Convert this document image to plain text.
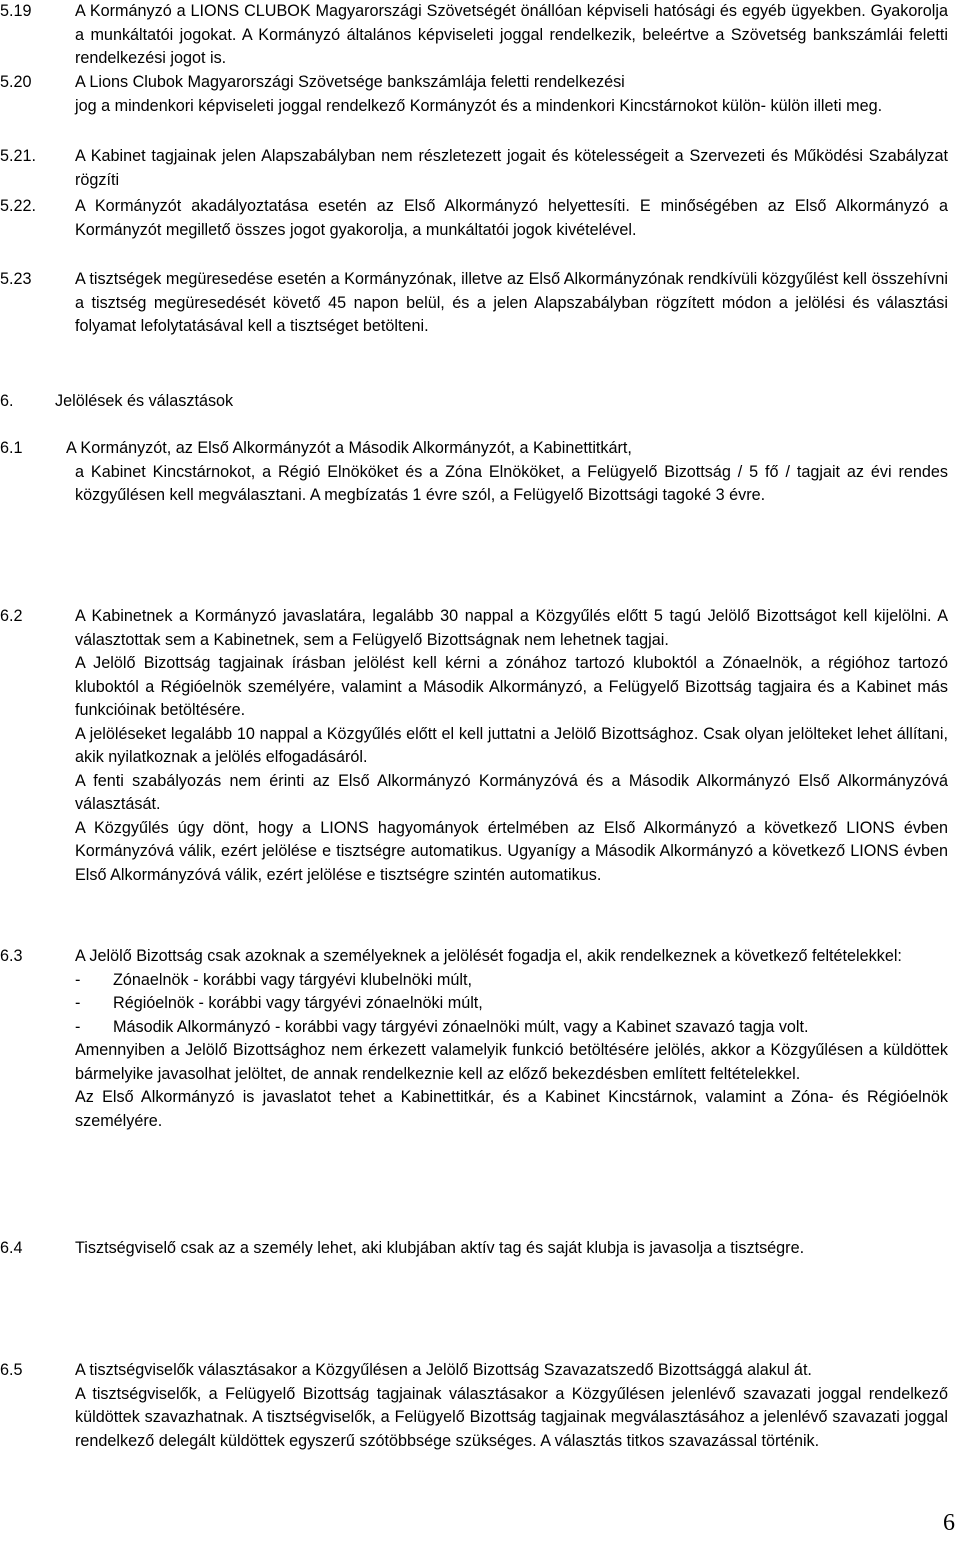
5.19	A Kormányzó a LIONS CLUBOK Magyarországi Szövetségét önállóan képviseli hatósági és egyéb ügyekben. Gyakorolja a munkáltatói jogokat. A Kormányzó általános képviseleti joggal rendelkezik, beleértve a Szövetség bankszámlái feletti rendelkezési jogot is.
5.20	A Lions Clubok Magyarországi Szövetsége bankszámlája feletti rendelkezési

jog a mindenkori képviseleti joggal rendelkező Kormányzót és a mindenkori Kincstárnokot külön- külön illeti meg.
5.21.	A Kabinet tagjainak jelen Alapszabályban nem részletezett jogait és kötelességeit a Szervezeti és Működési Szabályzat rögzíti
5.22.	A Kormányzót akadályoztatása esetén az Első Alkormányzó helyettesíti. E minőségében az Első Alkormányzó a Kormányzót megillető összes jogot gyakorolja, a munkáltatói jogok kivételével.
5.23	A tisztségek megüresedése esetén a Kormányzónak, illetve az Első Alkormányzónak rendkívüli közgyűlést kell összehívni a tisztség megüresedését követő 45 napon belül, és a jelen Alapszabályban rögzített módon a jelölési és választási folyamat lefolytatásával kell a tisztséget betölteni.
6.	Jelölések és választások
6.1	A Kormányzót, az Első Alkormányzót a Második Alkormányzót, a Kabinettitkárt,

a Kabinet Kincstárnokot, a Régió Elnököket és a Zóna Elnököket, a Felügyelő Bizottság / 5 fő / tagjait az évi rendes közgyűlésen kell megválasztani. A megbízatás 1 évre szól, a Felügyelő Bizottsági tagoké 3 évre.
6.2	A Kabinetnek a Kormányzó javaslatára, legalább 30 nappal a Közgyűlés előtt 5 tagú Jelölő Bizottságot kell kijelölni. A választottak sem a Kabinetnek, sem a Felügyelő Bizottságnak nem lehetnek tagjai.

A Jelölő Bizottság tagjainak írásban jelölést kell kérni a zónához tartozó kluboktól a Zónaelnök, a régióhoz tartozó kluboktól a Régióelnök személyére, valamint a Második Alkormányzó, a Felügyelő Bizottság tagjaira és a Kabinet más funkcióinak betöltésére.

A jelöléseket legalább 10 nappal a Közgyűlés előtt el kell juttatni a Jelölő Bizottsághoz. Csak olyan jelölteket lehet állítani, akik nyilatkoznak a jelölés elfogadásáról.

A fenti szabályozás nem érinti az Első Alkormányzó Kormányzóvá és a Második Alkormányzó Első Alkormányzóvá választását.

A Közgyűlés úgy dönt, hogy a LIONS hagyományok értelmében az Első Alkormányzó a következő LIONS évben Kormányzóvá válik, ezért jelölése e tisztségre automatikus. Ugyanígy a Második Alkormányzó a következő LIONS évben Első Alkormányzóvá válik, ezért jelölése e tisztségre szintén automatikus.

6.3	A Jelölő Bizottság csak azoknak a személyeknek a jelölését fogadja el, akik rendelkeznek a következő feltételekkel:

-	Zónaelnök - korábbi vagy tárgyévi klubelnöki múlt,
-	Régióelnök - korábbi vagy tárgyévi zónaelnöki múlt,
-	Második Alkormányzó - korábbi vagy tárgyévi zónaelnöki múlt, vagy a Kabinet szavazó tagja volt.

Amennyiben a Jelölő Bizottsághoz nem érkezett valamelyik funkció betöltésére jelölés, akkor a Közgyűlésen a küldöttek bármelyike javasolhat jelöltet, de annak rendelkeznie kell az előző bekezdésben említett feltételekkel.

Az Első Alkormányzó is javaslatot tehet a Kabinettitkár, és a Kabinet Kincstárnok, valamint a Zóna- és Régióelnök személyére.

6.4	Tisztségviselő csak az a személy lehet, aki klubjában aktív tag és saját klubja is javasolja a tisztségre.
6.5	A tisztségviselők választásakor a Közgyűlésen a Jelölő Bizottság Szavazatszedő Bizottsággá alakul át.

A tisztségviselők, a Felügyelő Bizottság tagjainak választásakor a Közgyűlésen jelenlévő szavazati joggal rendelkező küldöttek szavazhatnak. A tisztségviselők, a Felügyelő Bizottság tagjainak megválasztásához a jelenlévő szavazati joggal rendelkező delegált küldöttek egyszerű szótöbbsége szükséges. A választás titkos szavazással történik.

6
